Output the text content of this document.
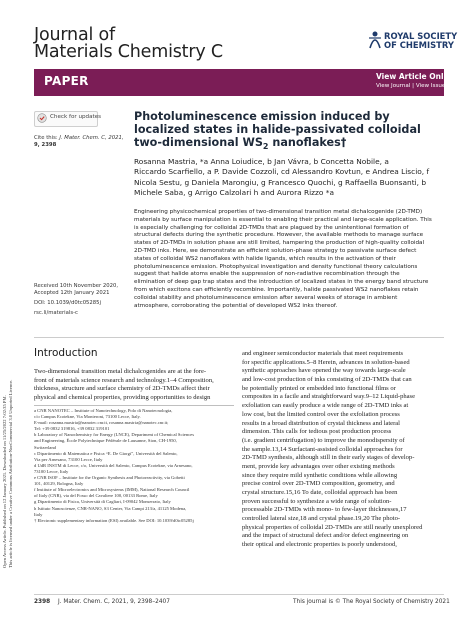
Journal of
Materials Chemistry C
ROYAL SOCIETY
OF CHEMISTRY
PAPER	View Article Online
View Journal | View Issue
Open Access Article. Published on 12 January 2021. Downloaded on 11/25/2022 7:02:35 PM. This article is licensed under a Creative Commons Attribution-NonCommercial 3.0 Unported Licence.
Check for updates
Cite this: J. Mater. Chem. C, 2021,
9, 2398
Received 10th November 2020,
Accepted 12th January 2021
DOI: 10.1039/d0tc05285j
rsc.li/materials-c
Photoluminescence emission induced by
localized states in halide-passivated colloidal
two-dimensional $WS_2$ nanoflakes†
Rosanna Mastria, *a Anna Loiudice, b Jan Vávra, b Concetta Nobile, a
Riccardo Scarfiello, a P. Davide Cozzoli, cd Alessandro Kovtun, e Andrea Liscio, f
Nicola Sestu, g Daniela Marongiu, g Francesco Quochi, g Raffaella Buonsanti, b
Michele Saba, g Arrigo Calzolari h and Aurora Rizzo *a
Engineering physicochemical properties of two-dimensional transition metal dichalcogenide (2D-TMD)
materials by surface manipulation is essential to enabling their practical and large-scale application. This
is especially challenging for colloidal 2D-TMDs that are plagued by the unintentional formation of
structural defects during the synthetic procedure. However, the available methods to manage surface
states of 2D-TMDs in solution phase are still limited, hampering the production of high-quality colloidal
2D-TMD inks. Here, we demonstrate an efficient solution-phase strategy to passivate surface defect
states of colloidal WS2 nanoflakes with halide ligands, which results in the activation of their
photoluminescence emission. Photophysical investigation and density functional theory calculations
suggest that halide atoms enable the suppression of non-radiative recombination through the
elimination of deep gap trap states and the introduction of localized states in the energy band structure
from which excitons can efficiently recombine. Importantly, halide passivated WS2 nanoflakes retain
colloidal stability and photoluminescence emission after several weeks of storage in ambient
atmosphere, corroborating the potential of developed WS2 inks thereof.
Introduction
Two-dimensional transition metal dichalcogenides are at the fore-
front of materials science research and technology.1–4 Composition,
thickness, structure and surface chemistry of 2D-TMDs affect their
physical and chemical properties, providing opportunities to design
a CNR NANOTEC – Institute of Nanotechnology, Polo di Nanotecnologia,
c/o Campus Ecotekne, Via Monteroni, 73100 Lecce, Italy.
E-mail: rosanna.mastria@nanotec.cnr.it, rosanna.mastria@nanotec.cnr.it;
Tel: +39 0832 319816, +39 0832 319101
b Laboratory of Nanochemistry for Energy (LNCE), Department of Chemical Sciences
and Engineering, École Polytechnique Fédérale de Lausanne, Sion, CH-1950,
Switzerland
c Dipartimento di Matematica e Fisica “E. De Giorgi”, Università del Salento,
Via per Arnesano, 73100 Lecce, Italy
d UdR INSTM di Lecce, c/o, Università del Salento, Campus Ecotekne, via Arnesano,
73100 Lecce, Italy
e CNR ISOF – Institute for the Organic Synthesis and Photoreactivity, via Gobetti
101, 40129, Bologna, Italy
f Institute of Microelectronics and Microsystems (IMM), National Research Council
of Italy (CNR), via del Fosso del Cavaliere 100, 00133 Rome, Italy
g Dipartimento di Fisica, Università di Cagliari, I-09042 Monserrato, Italy
h Istituto Nanoscienze, CNR-NANO, S3 Center, Via Campi 213/a, 41125 Modena,
Italy
† Electronic supplementary information (ESI) available. See DOI: 10.1039/d0tc05285j
and engineer semiconductor materials that meet requirements
for specific applications.5–8 Herein, advances in solution-based
synthetic approaches have opened the way towards large-scale
and low-cost production of inks consisting of 2D-TMDs that can
be potentially printed or embedded into functional films or
composites in a facile and straightforward way.9–12 Liquid-phase
exfoliation can easily produce a wide range of 2D-TMD inks at
low cost, but the limited control over the exfoliation process
results in a broad distribution of crystal thickness and lateral
dimension. This calls for tedious post production process
(i.e. gradient centrifugation) to improve the monodispersity of
the sample.13,14 Surfactant-assisted colloidal approaches for
2D-TMD synthesis, although still in their early stages of develop-
ment, provide key advantages over other existing methods
since they require mild synthetic conditions while allowing
precise control over 2D-TMD composition, geometry, and
crystal structure.15,16 To date, colloidal approach has been
proven successful to synthesize a wide range of solution-
processable 2D-TMDs with mono- to few-layer thicknesses,17
controlled lateral size,18 and crystal phase.19,20 The photo-
physical properties of colloidal 2D-TMDs are still nearly unexplored
and the impact of structural defect and/or defect engineering on
their optical and electronic properties is poorly understood,
2398 J. Mater. Chem. C, 2021, 9, 2398–2407	This journal is © The Royal Society of Chemistry 2021
